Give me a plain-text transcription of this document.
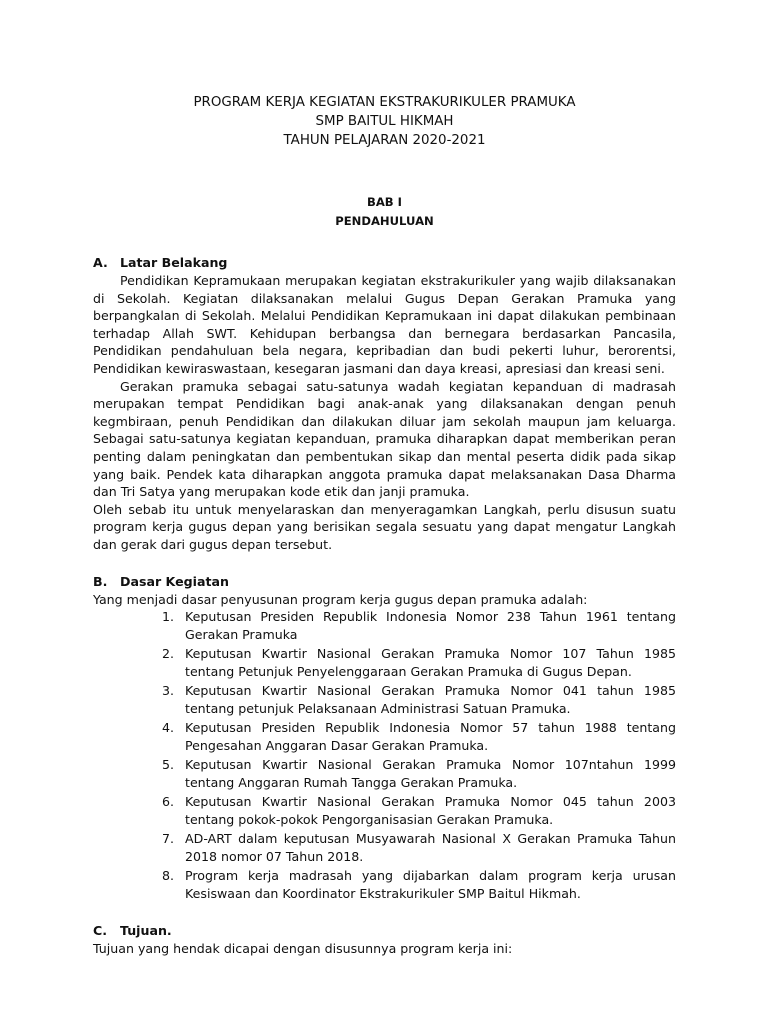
PROGRAM KERJA KEGIATAN EKSTRAKURIKULER PRAMUKA

SMP BAITUL HIKMAH

TAHUN PELAJARAN 2020-2021

BAB I
PENDAHULUAN
A. Latar Belakang

Pendidikan Kepramukaan merupakan kegiatan ekstrakurikuler yang wajib dilaksanakan di Sekolah. Kegiatan dilaksanakan melalui Gugus Depan Gerakan Pramuka yang berpangkalan di Sekolah. Melalui Pendidikan Kepramukaan ini dapat dilakukan pembinaan terhadap Allah SWT. Kehidupan berbangsa dan bernegara berdasarkan Pancasila, Pendidikan pendahuluan bela negara, kepribadian dan budi pekerti luhur, berorentsi, Pendidikan kewiraswastaan, kesegaran jasmani dan daya kreasi, apresiasi dan kreasi seni.

Gerakan pramuka sebagai satu-satunya wadah kegiatan kepanduan di madrasah merupakan tempat Pendidikan bagi anak-anak yang dilaksanakan dengan penuh kegmbiraan, penuh Pendidikan dan dilakukan diluar jam sekolah maupun jam keluarga. Sebagai satu-satunya kegiatan kepanduan, pramuka diharapkan dapat memberikan peran penting dalam peningkatan dan pembentukan sikap dan mental peserta didik pada sikap yang baik. Pendek kata diharapkan anggota pramuka dapat melaksanakan Dasa Dharma dan Tri Satya yang merupakan kode etik dan janji pramuka.

Oleh sebab itu untuk menyelaraskan dan menyeragamkan Langkah, perlu disusun suatu program kerja gugus depan yang berisikan segala sesuatu yang dapat mengatur Langkah dan gerak dari gugus depan tersebut.

B.	Dasar Kegiatan

Yang menjadi dasar penyusunan program kerja gugus depan pramuka adalah:

1. Keputusan Presiden Republik Indonesia Nomor 238 Tahun 1961 tentang Gerakan Pramuka
2. Keputusan Kwartir Nasional Gerakan Pramuka Nomor 107 Tahun 1985 tentang Petunjuk Penyelenggaraan Gerakan Pramuka di Gugus Depan.
3. Keputusan Kwartir Nasional Gerakan Pramuka Nomor 041 tahun 1985 tentang petunjuk Pelaksanaan Administrasi Satuan Pramuka.
4. Keputusan Presiden Republik Indonesia Nomor 57 tahun 1988 tentang Pengesahan Anggaran Dasar Gerakan Pramuka.
5. Keputusan Kwartir Nasional Gerakan Pramuka Nomor 107ntahun 1999 tentang Anggaran Rumah Tangga Gerakan Pramuka.
6. Keputusan Kwartir Nasional Gerakan Pramuka Nomor 045 tahun 2003 tentang pokok-pokok Pengorganisasian Gerakan Pramuka.
7. AD-ART dalam keputusan Musyawarah Nasional X Gerakan Pramuka Tahun 2018 nomor 07 Tahun 2018.
8. Program kerja madrasah yang dijabarkan dalam program kerja urusan Kesiswaan dan Koordinator Ekstrakurikuler SMP Baitul Hikmah.
C.	Tujuan.

Tujuan yang hendak dicapai dengan disusunnya program kerja ini:
